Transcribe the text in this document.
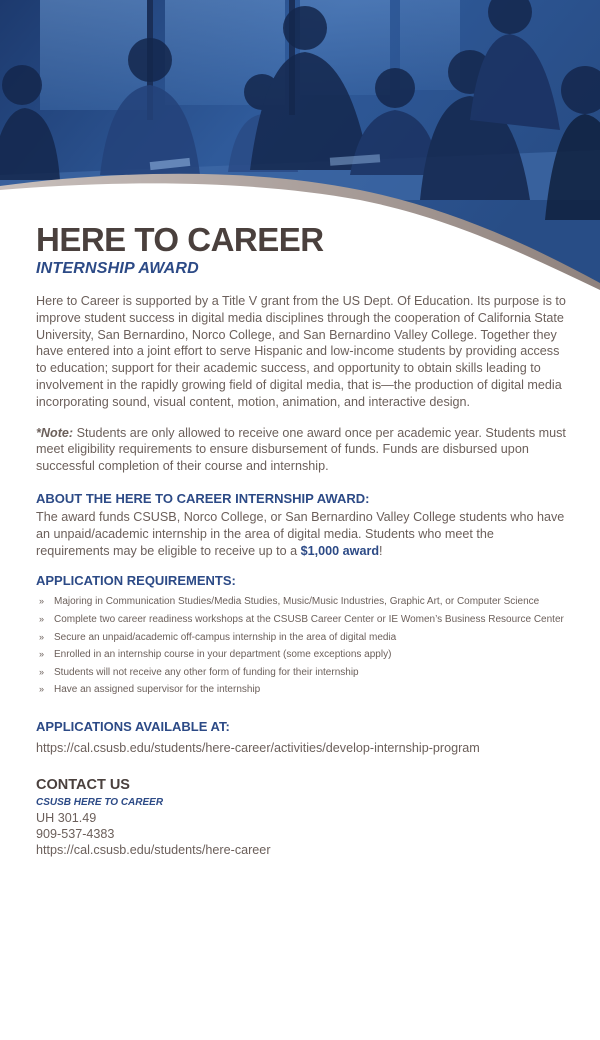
HERE TO CAREER
INTERNSHIP AWARD

Here to Career is supported by a Title V grant from the US Dept. Of Education. Its purpose is to improve student success in digital media disciplines through the cooperation of California State University, San Bernardino, Norco College, and San Bernardino Valley College. Together they have entered into a joint effort to serve Hispanic and low-income students by providing access to education; support for their academic success, and opportunity to obtain skills leading to involvement in the rapidly growing field of digital media, that is—the production of digital media incorporating sound, visual content, motion, animation, and interactive design.

*Note: Students are only allowed to receive one award once per academic year. Students must meet eligibility requirements to ensure disbursement of funds. Funds are disbursed upon successful completion of their course and internship.

ABOUT THE HERE TO CAREER INTERNSHIP AWARD:

The award funds CSUSB, Norco College, or San Bernardino Valley College students who have an unpaid/academic internship in the area of digital media. Students who meet the requirements may be eligible to receive up to a $1,000 award!

APPLICATION REQUIREMENTS:
» Majoring in Communication Studies/Media Studies, Music/Music Industries, Graphic Art, or Computer Science
» Complete two career readiness workshops at the CSUSB Career Center or IE Women’s Business Resource Center
» Secure an unpaid/academic off-campus internship in the area of digital media
» Enrolled in an internship course in your department (some exceptions apply)
» Students will not receive any other form of funding for their internship
» Have an assigned supervisor for the internship
APPLICATIONS AVAILABLE AT:
https://cal.csusb.edu/students/here-career/activities/develop-internship-program
CONTACT US
CSUSB HERE TO CAREER
UH 301.49
909-537-4383
https://cal.csusb.edu/students/here-career
